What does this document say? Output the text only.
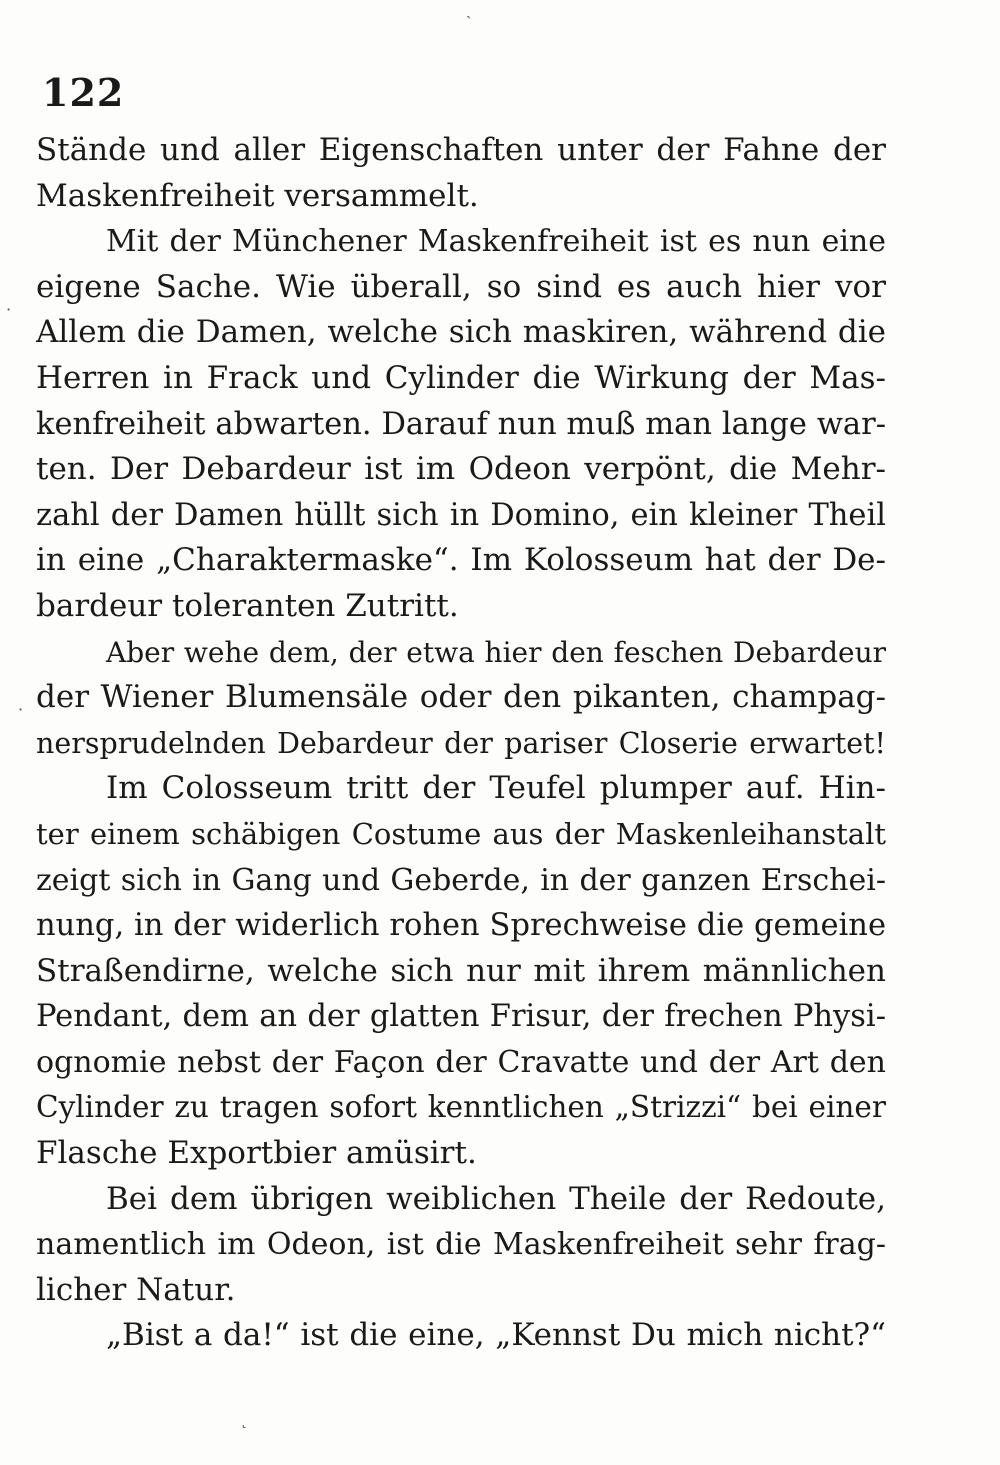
122
Stände und aller Eigenschaften unter der Fahne der
Maskenfreiheit versammelt.
Mit der Münchener Maskenfreiheit ist es nun eine
eigene Sache. Wie überall, so sind es auch hier vor
Allem die Damen, welche sich maskiren, während die
Herren in Frack und Cylinder die Wirkung der Mas-
kenfreiheit abwarten. Darauf nun muß man lange war-
ten. Der Debardeur ist im Odeon verpönt, die Mehr-
zahl der Damen hüllt sich in Domino, ein kleiner Theil
in eine „Charaktermaske“. Im Kolosseum hat der De-
bardeur toleranten Zutritt.
Aber wehe dem, der etwa hier den feschen Debardeur
der Wiener Blumensäle oder den pikanten, champag-
nersprudelnden Debardeur der pariser Closerie erwartet!
Im Colosseum tritt der Teufel plumper auf. Hin-
ter einem schäbigen Costume aus der Maskenleihanstalt
zeigt sich in Gang und Geberde, in der ganzen Erschei-
nung, in der widerlich rohen Sprechweise die gemeine
Straßendirne, welche sich nur mit ihrem männlichen
Pendant, dem an der glatten Frisur, der frechen Physi-
ognomie nebst der Façon der Cravatte und der Art den
Cylinder zu tragen sofort kenntlichen „Strizzi“ bei einer
Flasche Exportbier amüsirt.
Bei dem übrigen weiblichen Theile der Redoute,
namentlich im Odeon, ist die Maskenfreiheit sehr frag-
licher Natur.
„Bist a da!“ ist die eine, „Kennst Du mich nicht?“
ˏ
·
·
˛
